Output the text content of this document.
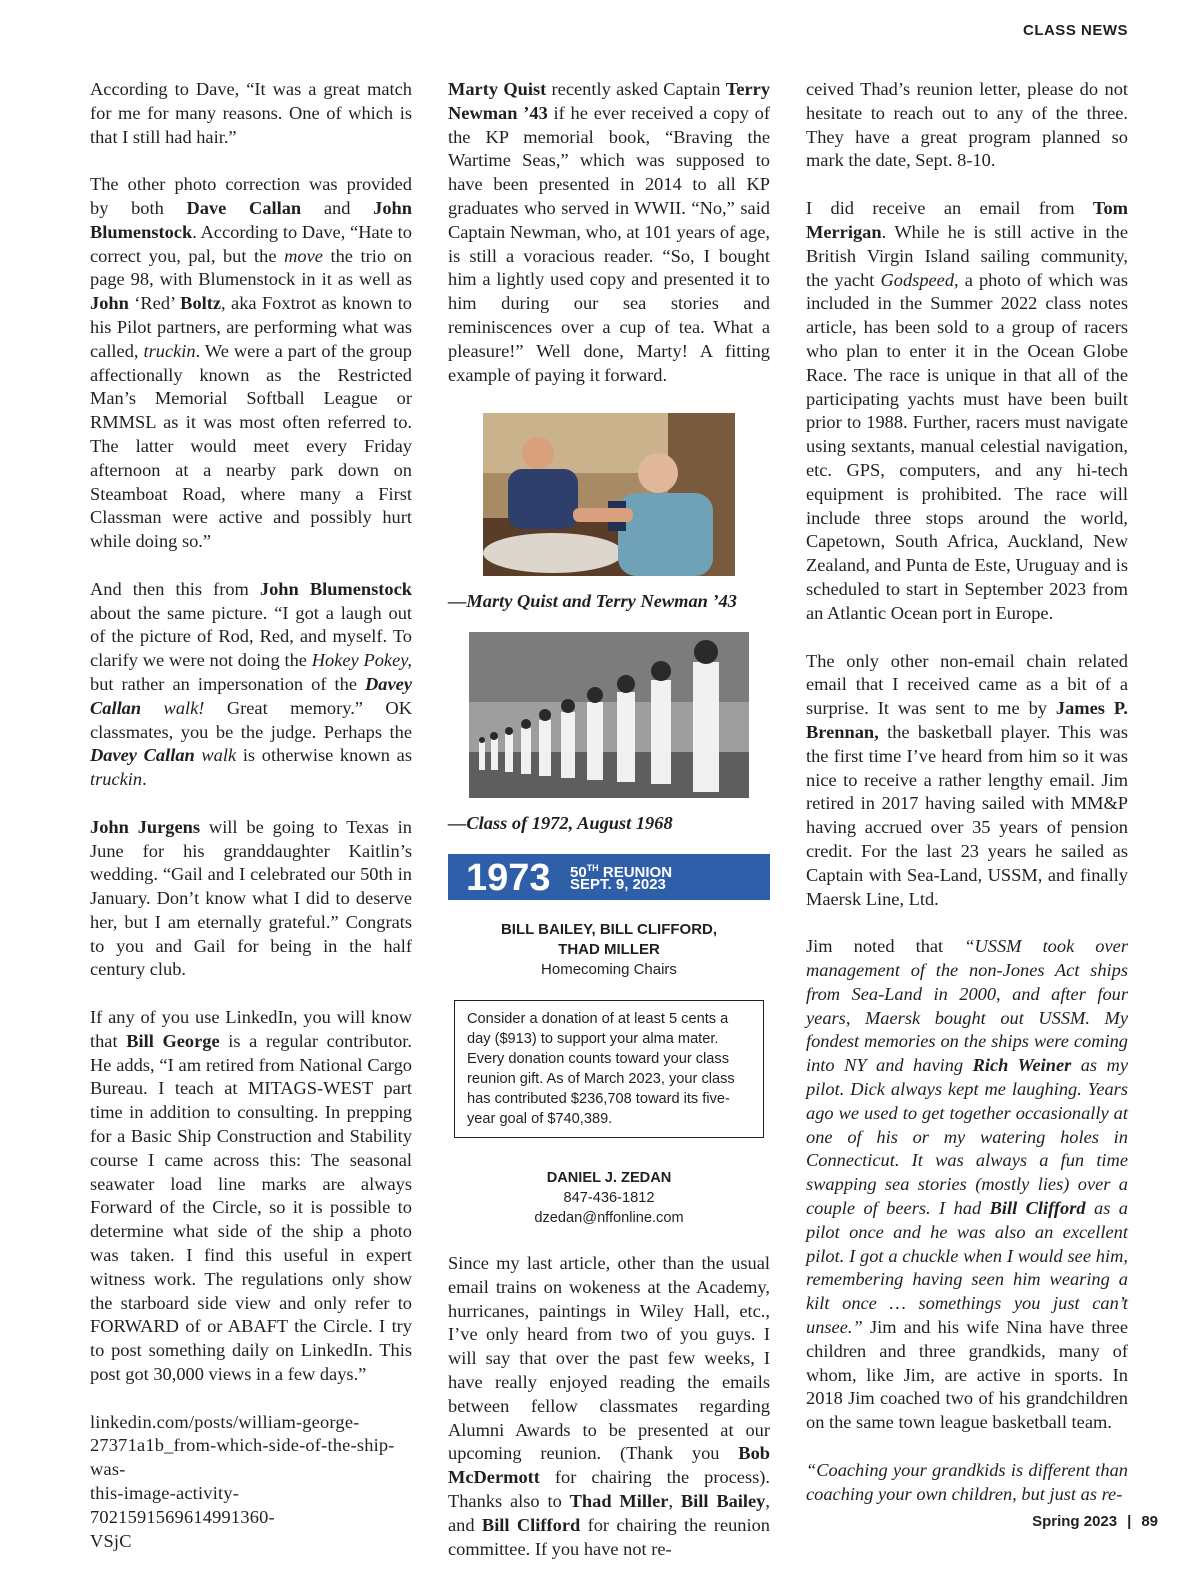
CLASS NEWS

According to Dave, “It was a great match for me for many reasons. One of which is that I still had hair.”

The other photo correction was provided by both Dave Callan and John Blumenstock. According to Dave, “Hate to correct you, pal, but the move the trio on page 98, with Blumenstock in it as well as John ‘Red’ Boltz, aka Foxtrot as known to his Pilot partners, are performing what was called, truckin. We were a part of the group affectionally known as the Restricted Man’s Memorial Softball League or RMMSL as it was most often referred to. The latter would meet every Friday afternoon at a nearby park down on Steamboat Road, where many a First Classman were active and possibly hurt while doing so.”

And then this from John Blumenstock about the same picture. “I got a laugh out of the picture of Rod, Red, and myself. To clarify we were not doing the Hokey Pokey, but rather an impersonation of the Davey Callan walk! Great memory.” OK classmates, you be the judge. Perhaps the Davey Callan walk is otherwise known as truckin.

John Jurgens will be going to Texas in June for his granddaughter Kaitlin’s wedding. “Gail and I celebrated our 50th in January. Don’t know what I did to deserve her, but I am eternally grateful.” Congrats to you and Gail for being in the half century club.

If any of you use LinkedIn, you will know that Bill George is a regular contributor. He adds, “I am retired from National Cargo Bureau. I teach at MITAGS-WEST part time in addition to consulting. In prepping for a Basic Ship Construction and Stability course I came across this: The seasonal seawater load line marks are always Forward of the Circle, so it is possible to determine what side of the ship a photo was taken. I find this useful in expert witness work. The regulations only show the starboard side view and only refer to FORWARD of or ABAFT the Circle. I try to post something daily on LinkedIn. This post got 30,000 views in a few days.”

linkedin.com/posts/william-george-
27371a1b_from-which-side-of-the-ship-was-
this-image-activity-7021591569614991360-
VSjC

Marty Quist recently asked Captain Terry Newman ’43 if he ever received a copy of the KP memorial book, “Braving the Wartime Seas,” which was supposed to have been presented in 2014 to all KP graduates who served in WWII. “No,” said Captain Newman, who, at 101 years of age, is still a voracious reader. “So, I bought him a lightly used copy and presented it to him during our sea stories and reminiscences over a cup of tea. What a pleasure!” Well done, Marty! A fitting example of paying it forward.

—Marty Quist and Terry Newman ’43
—Class of 1972, August 1968
1973 50TH REUNION
SEPT. 9, 2023
BILL BAILEY, BILL CLIFFORD,
THAD MILLER
Homecoming Chairs
Consider a donation of at least 5 cents a day ($913) to support your alma mater. Every donation counts toward your class reunion gift. As of March 2023, your class has contributed $236,708 toward its five-year goal of $740,389.
DANIEL J. ZEDAN
847-436-1812
dzedan@nffonline.com

Since my last article, other than the usual email trains on wokeness at the Academy, hurricanes, paintings in Wiley Hall, etc., I’ve only heard from two of you guys. I will say that over the past few weeks, I have really enjoyed reading the emails between fellow classmates regarding Alumni Awards to be presented at our upcoming reunion. (Thank you Bob McDermott for chairing the process). Thanks also to Thad Miller, Bill Bailey, and Bill Clifford for chairing the reunion committee. If you have not re-

ceived Thad’s reunion letter, please do not hesitate to reach out to any of the three. They have a great program planned so mark the date, Sept. 8-10.

I did receive an email from Tom Merrigan. While he is still active in the British Virgin Island sailing community, the yacht Godspeed, a photo of which was included in the Summer 2022 class notes article, has been sold to a group of racers who plan to enter it in the Ocean Globe Race. The race is unique in that all of the participating yachts must have been built prior to 1988. Further, racers must navigate using sextants, manual celestial navigation, etc. GPS, computers, and any hi-tech equipment is prohibited. The race will include three stops around the world, Capetown, South Africa, Auckland, New Zealand, and Punta de Este, Uruguay and is scheduled to start in September 2023 from an Atlantic Ocean port in Europe.

The only other non-email chain related email that I received came as a bit of a surprise. It was sent to me by James P. Brennan, the basketball player. This was the first time I’ve heard from him so it was nice to receive a rather lengthy email. Jim retired in 2017 having sailed with MM&P having accrued over 35 years of pension credit. For the last 23 years he sailed as Captain with Sea-Land, USSM, and finally Maersk Line, Ltd.

Jim noted that “USSM took over management of the non-Jones Act ships from Sea-Land in 2000, and after four years, Maersk bought out USSM. My fondest memories on the ships were coming into NY and having Rich Weiner as my pilot. Dick always kept me laughing. Years ago we used to get together occasionally at one of his or my watering holes in Connecticut. It was always a fun time swapping sea stories (mostly lies) over a couple of beers. I had Bill Clifford as a pilot once and he was also an excellent pilot. I got a chuckle when I would see him, remembering having seen him wearing a kilt once … somethings you just can’t unsee.” Jim and his wife Nina have three children and three grandkids, many of whom, like Jim, are active in sports. In 2018 Jim coached two of his grandchildren on the same town league basketball team.

“Coaching your grandkids is different than coaching your own children, but just as re-

Spring 2023 | 89
